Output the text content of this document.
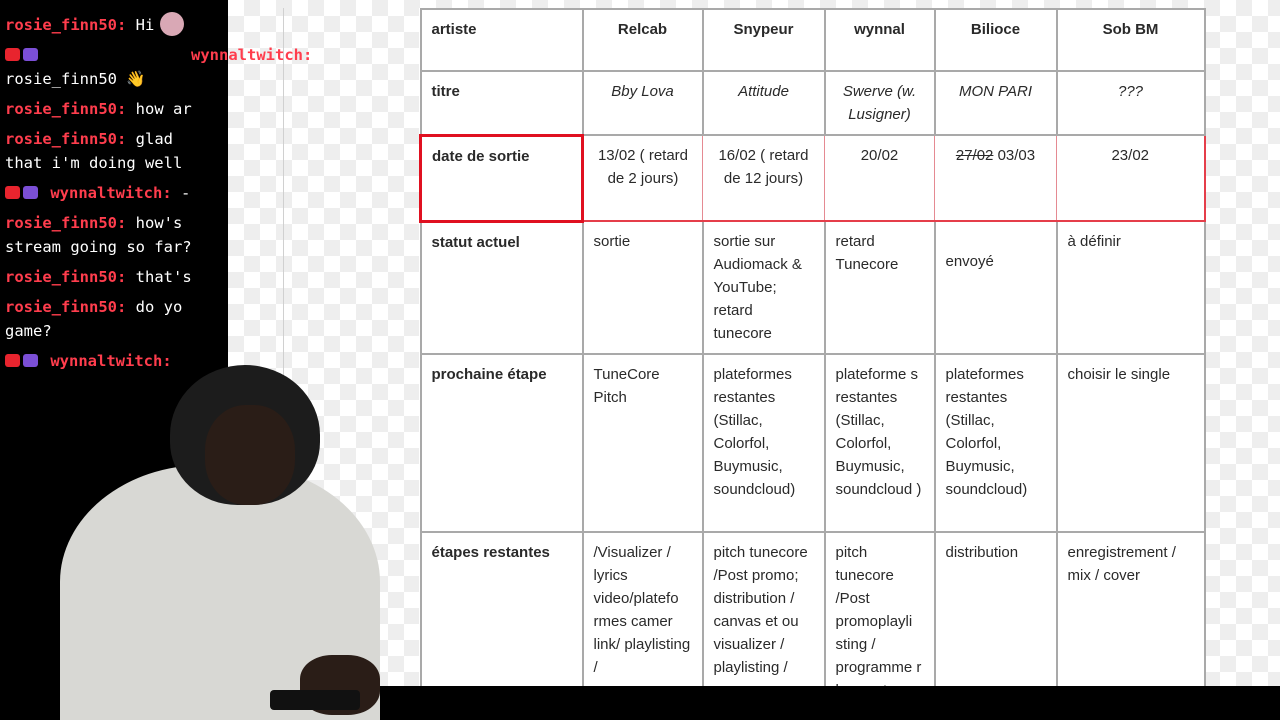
artiste	Relcab	Snypeur	wynnal	Bilioce	Sob BM
titre	Bby Lova	Attitude	Swerve (w. Lusigner)	MON PARI	???
date de sortie	13/02 ( retard de 2 jours)	16/02 ( retard de 12 jours)	20/02	27/02 03/03	23/02
statut actuel	sortie	sortie sur Audiomack & YouTube; retard tunecore	retard Tunecore	envoyé	à définir
prochaine étape	TuneCore Pitch	plateformes restantes (Stillac, Colorfol, Buymusic, soundcloud)	plateforme s restantes (Stillac, Colorfol, Buymusic, soundcloud )	plateformes restantes (Stillac, Colorfol, Buymusic, soundcloud)	choisir le single
étapes restantes	/Visualizer / lyrics video/platefo rmes camer link/ playlisting /	pitch tunecore /Post promo; distribution / canvas et ou visualizer / playlisting /	pitch tunecore /Post promoplayli sting / programme r	distribution	enregistrement / mix / cover
rosie_finn50: Hi
wynnaltwitch:
rosie_finn50 👋
rosie_finn50: how ar
rosie_finn50: glad
that i'm doing well
wynnaltwitch: -
rosie_finn50: how's
stream going so far?
rosie_finn50: that's
rosie_finn50: do yo
game?
wynnaltwitch:
